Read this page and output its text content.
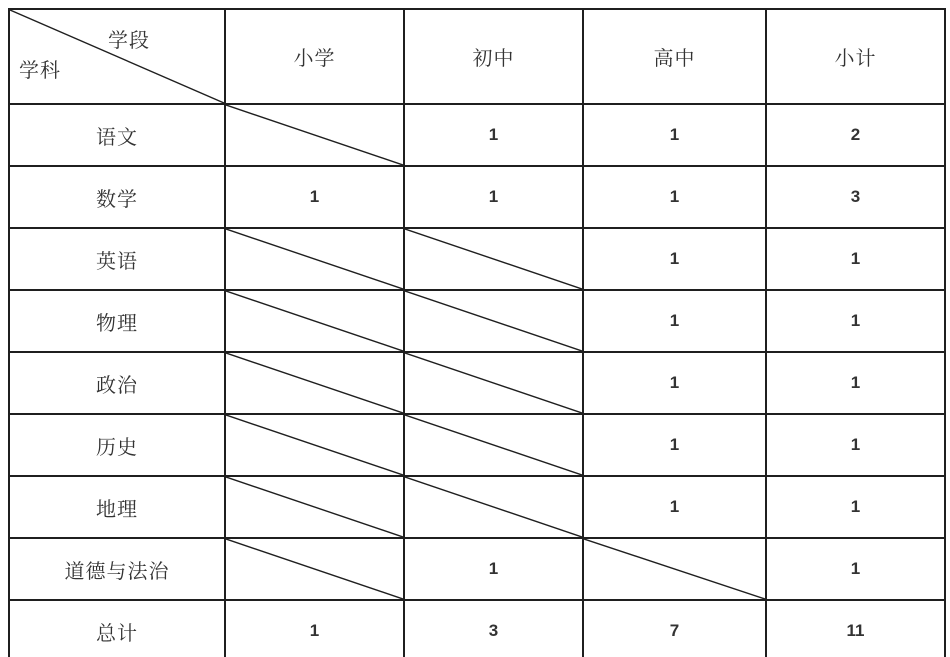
学段
学科	小学	初中	高中	小计
语文		1	1	2
数学	1	1	1	3
英语			1	1
物理			1	1
政治			1	1
历史			1	1
地理			1	1
道德与法治		1		1
总计	1	3	7	11
